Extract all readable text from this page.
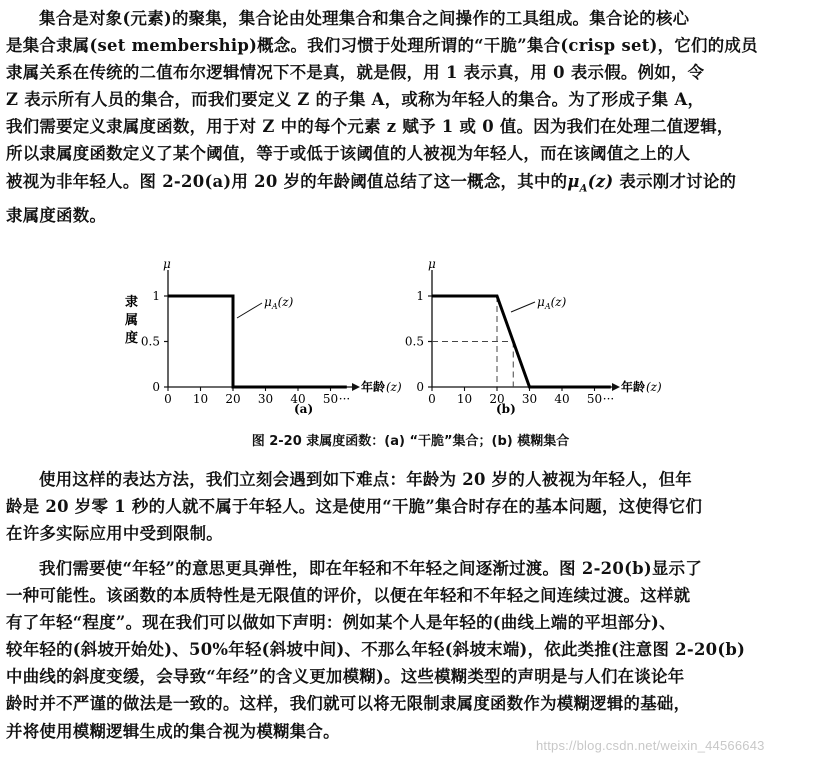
集合是对象(元素)的聚集，集合论由处理集合和集合之间操作的工具组成。集合论的核心
是集合隶属(set membership)概念。我们习惯于处理所谓的“干脆”集合(crisp set)，它们的成员
隶属关系在传统的二值布尔逻辑情况下不是真，就是假，用 1 表示真，用 0 表示假。例如，令
Z 表示所有人员的集合，而我们要定义 Z 的子集 A，或称为年轻人的集合。为了形成子集 A，
我们需要定义隶属度函数，用于对 Z 中的每个元素 z 赋予 1 或 0 值。因为我们在处理二值逻辑，
所以隶属度函数定义了某个阈值，等于或低于该阈值的人被视为年轻人，而在该阈值之上的人
被视为非年轻人。图 2-20(a)用 20 岁的年龄阈值总结了这一概念，其中的$\mu_A(z)$ 表示刚才讨论的
隶属度函数。
μ
隶
属
度
1
0.5
0
0 10 20 30 40 50 ···
$\mu_A(z)$
年龄 (z)
(a)
μ
1
0.5
0
0 10 20 30 40 50 ···
$\mu_A(z)$
年龄 (z)
(b)
图 2-20 隶属度函数：(a) “干脆”集合；(b) 模糊集合
使用这样的表达方法，我们立刻会遇到如下难点：年龄为 20 岁的人被视为年轻人，但年
龄是 20 岁零 1 秒的人就不属于年轻人。这是使用“干脆”集合时存在的基本问题，这使得它们
在许多实际应用中受到限制。
我们需要使“年轻”的意思更具弹性，即在年轻和不年轻之间逐渐过渡。图 2-20(b)显示了
一种可能性。该函数的本质特性是无限值的评价，以便在年轻和不年轻之间连续过渡。这样就
有了年轻“程度”。现在我们可以做如下声明：例如某个人是年轻的(曲线上端的平坦部分)、
较年轻的(斜坡开始处)、50%年轻(斜坡中间)、不那么年轻(斜坡末端)，依此类推(注意图 2-20(b)
中曲线的斜度变缓，会导致“年经”的含义更加模糊)。这些模糊类型的声明是与人们在谈论年
龄时并不严谨的做法是一致的。这样，我们就可以将无限制隶属度函数作为模糊逻辑的基础，
并将使用模糊逻辑生成的集合视为模糊集合。
https://blog.csdn.net/weixin_44566643
